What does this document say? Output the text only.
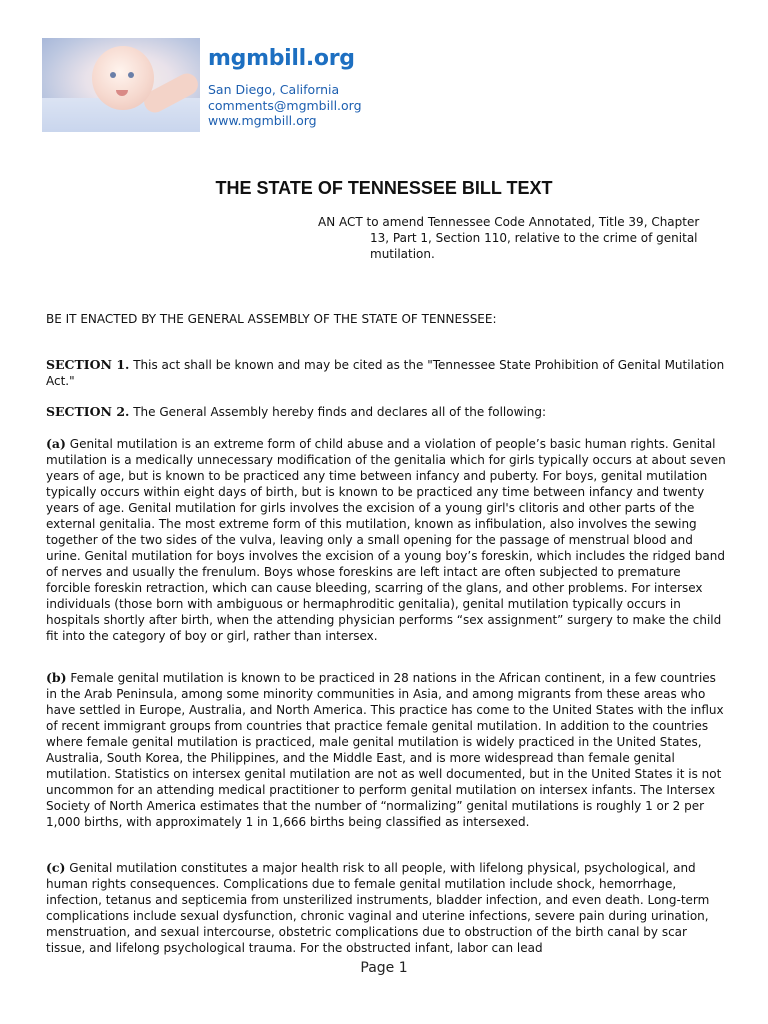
mgmbill.org
San Diego, California
comments@mgmbill.org
www.mgmbill.org
THE STATE OF TENNESSEE BILL TEXT
AN ACT to amend Tennessee Code Annotated, Title 39, Chapter
13, Part 1, Section 110, relative to the crime of genital mutilation.
BE IT ENACTED BY THE GENERAL ASSEMBLY OF THE STATE OF TENNESSEE:
SECTION 1. This act shall be known and may be cited as the "Tennessee State Prohibition of Genital Mutilation Act."
SECTION 2. The General Assembly hereby finds and declares all of the following:
(a) Genital mutilation is an extreme form of child abuse and a violation of people’s basic human rights. Genital mutilation is a medically unnecessary modification of the genitalia which for girls typically occurs at about seven years of age, but is known to be practiced any time between infancy and puberty. For boys, genital mutilation typically occurs within eight days of birth, but is known to be practiced any time between infancy and twenty years of age. Genital mutilation for girls involves the excision of a young girl's clitoris and other parts of the external genitalia. The most extreme form of this mutilation, known as infibulation, also involves the sewing together of the two sides of the vulva, leaving only a small opening for the passage of menstrual blood and urine. Genital mutilation for boys involves the excision of a young boy’s foreskin, which includes the ridged band of nerves and usually the frenulum. Boys whose foreskins are left intact are often subjected to premature forcible foreskin retraction, which can cause bleeding, scarring of the glans, and other problems. For intersex individuals (those born with ambiguous or hermaphroditic genitalia), genital mutilation typically occurs in hospitals shortly after birth, when the attending physician performs “sex assignment” surgery to make the child fit into the category of boy or girl, rather than intersex.
(b) Female genital mutilation is known to be practiced in 28 nations in the African continent, in a few countries in the Arab Peninsula, among some minority communities in Asia, and among migrants from these areas who have settled in Europe, Australia, and North America. This practice has come to the United States with the influx of recent immigrant groups from countries that practice female genital mutilation. In addition to the countries where female genital mutilation is practiced, male genital mutilation is widely practiced in the United States, Australia, South Korea, the Philippines, and the Middle East, and is more widespread than female genital mutilation. Statistics on intersex genital mutilation are not as well documented, but in the United States it is not uncommon for an attending medical practitioner to perform genital mutilation on intersex infants. The Intersex Society of North America estimates that the number of “normalizing” genital mutilations is roughly 1 or 2 per 1,000 births, with approximately 1 in 1,666 births being classified as intersexed.
(c) Genital mutilation constitutes a major health risk to all people, with lifelong physical, psychological, and human rights consequences. Complications due to female genital mutilation include shock, hemorrhage, infection, tetanus and septicemia from unsterilized instruments, bladder infection, and even death. Long-term complications include sexual dysfunction, chronic vaginal and uterine infections, severe pain during urination, menstruation, and sexual intercourse, obstetric complications due to obstruction of the birth canal by scar tissue, and lifelong psychological trauma. For the obstructed infant, labor can lead
Page 1
